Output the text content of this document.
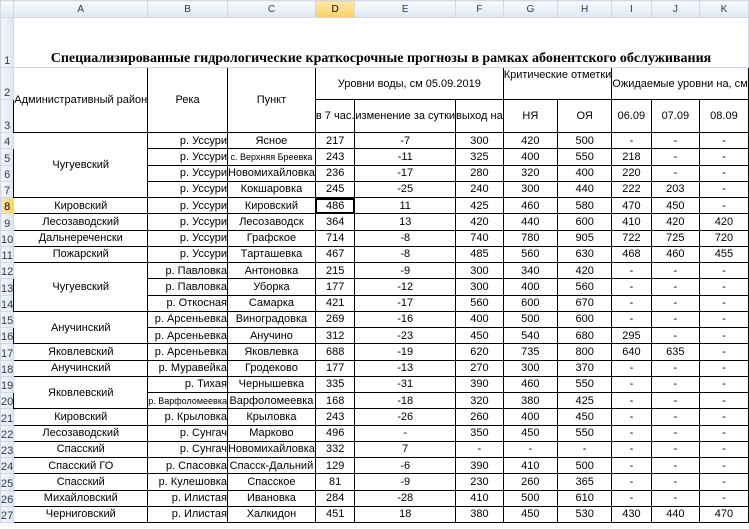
	A	B	C	D	E	F	G	H	I	J	K
1	Специализированные гидрологические краткосрочные прогнозы в рамках абонентского обслуживания										
2	Административный район	Река	Пункт	Уровни воды, см 05.09.2019			Критические отметки		Ожидаемые уровни на, см		
3				в 7 час.	изменение за сутки	выход на	НЯ	ОЯ	06.09	07.09	08.09
4	Чугуевский	р. Уссури	Ясное	217	-7	300	420	500	-	-	-
5		р. Уссури	с. Верхняя Бреевка	243	-11	325	400	550	218	-	-
6		р. Уссури	Новомихайловка	236	-17	280	320	400	220	-	-
7		р. Уссури	Кокшаровка	245	-25	240	300	440	222	203	-
8	Кировский	р. Уссури	Кировский	486	11	425	460	580	470	450	-
9	Лесозаводский	р. Уссури	Лесозаводск	364	13	420	440	600	410	420	420
10	Дальнереченски	р. Уссури	Графское	714	-8	740	780	905	722	725	720
11	Пожарский	р. Уссури	Tарташевка	467	-8	485	560	630	468	460	455
12	Чугуевский	р. Павловка	Антоновка	215	-9	300	340	420	-	-	-
13		р. Павловка	Уборка	177	-12	300	400	560	-	-	-
14		р. Откосная	Самарка	421	-17	560	600	670	-	-	-
15	Анучинский	р. Арсеньевка	Виноградовка	269	-16	400	500	600	-	-	-
16		р. Арсеньевка	Анучино	312	-23	450	540	680	295	-	-
17	Яковлевский	р. Арсеньевка	Яковлевка	688	-19	620	735	800	640	635	-
18	Анучинский	р. Муравейка	Гродеково	177	-13	270	300	370	-	-	-
19	Яковлевский	р. Тихая	Чернышевка	335	-31	390	460	550	-	-	-
20		р. Варфоломеевка	Варфоломеевка	168	-18	320	380	425	-	-	-
21	Кировский	р. Крыловка	Крыловка	243	-26	260	400	450	-	-	-
22	Лесозаводский	р. Сунгач	Марково	496	-	350	450	550	-	-	-
23	Спасский	р. Сунгач	Новомихайловка	332	7	-	-	-	-	-	-
24	Спасский ГО	р. Спасовка	Спасск-Дальний	129	-6	390	410	500	-	-	-
25	Спасский	р. Кулешовка	Спасское	81	-9	230	260	365	-	-	-
26	Михайловский	р. Илистая	Ивановка	284	-28	410	500	610	-	-	-
27	Черниговский	р. Илистая	Халкидон	451	18	380	450	530	430	440	470
